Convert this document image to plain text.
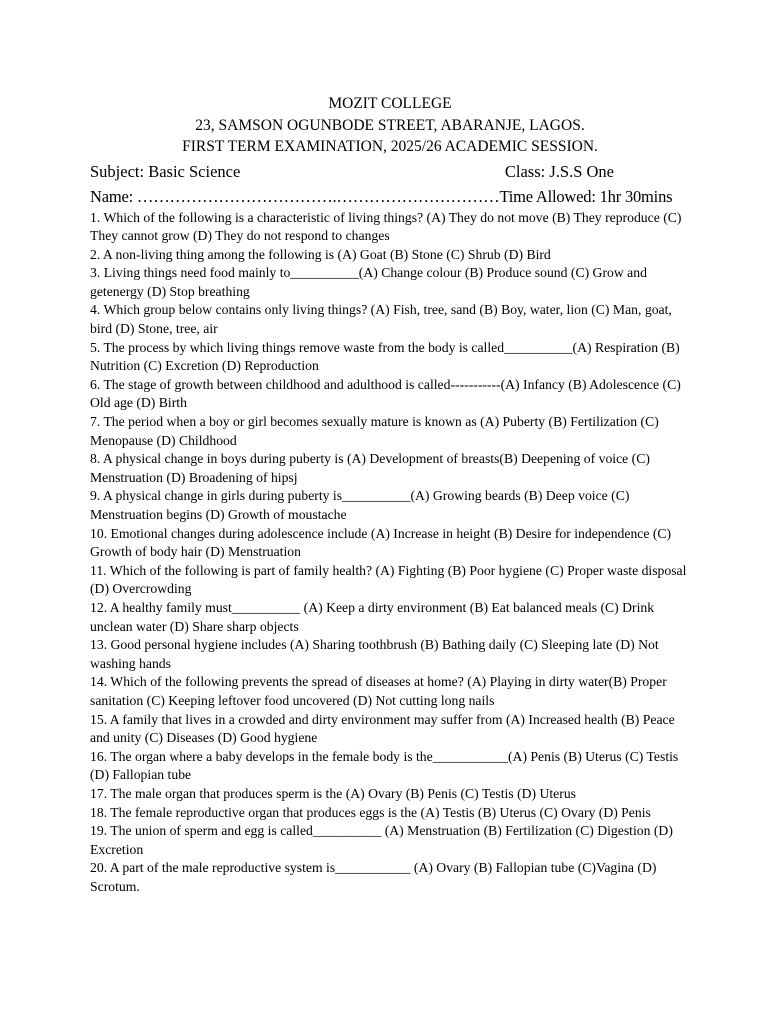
MOZIT COLLEGE
23, SAMSON OGUNBODE STREET, ABARANJE, LAGOS.
FIRST TERM EXAMINATION, 2025/26 ACADEMIC SESSION.
Subject: Basic Science	Class: J.S.S One
Name: ……………………………….…………………………Time Allowed: 1hr 30mins

1. Which of the following is a characteristic of living things? (A) They do not move (B) They reproduce (C) They cannot grow (D) They do not respond to changes

2. A non-living thing among the following is (A) Goat (B) Stone (C) Shrub (D) Bird

3. Living things need food mainly to__________(A) Change colour (B) Produce sound (C) Grow and getenergy (D) Stop breathing

4. Which group below contains only living things? (A) Fish, tree, sand (B) Boy, water, lion (C) Man, goat, bird (D) Stone, tree, air

5. The process by which living things remove waste from the body is called__________(A) Respiration (B) Nutrition (C) Excretion (D) Reproduction

6. The stage of growth between childhood and adulthood is called-----------(A) Infancy (B) Adolescence (C) Old age (D) Birth

7. The period when a boy or girl becomes sexually mature is known as (A) Puberty (B) Fertilization (C) Menopause (D) Childhood

8. A physical change in boys during puberty is (A) Development of breasts(B) Deepening of voice (C) Menstruation (D) Broadening of hipsj

9. A physical change in girls during puberty is__________(A) Growing beards (B) Deep voice (C) Menstruation begins (D) Growth of moustache

10. Emotional changes during adolescence include (A) Increase in height (B) Desire for independence (C) Growth of body hair (D) Menstruation

11. Which of the following is part of family health? (A) Fighting (B) Poor hygiene (C) Proper waste disposal (D) Overcrowding

12. A healthy family must__________ (A) Keep a dirty environment (B) Eat balanced meals (C) Drink unclean water (D) Share sharp objects

13. Good personal hygiene includes (A) Sharing toothbrush (B) Bathing daily (C) Sleeping late (D) Not washing hands

14. Which of the following prevents the spread of diseases at home? (A) Playing in dirty water(B) Proper sanitation (C) Keeping leftover food uncovered (D) Not cutting long nails

15. A family that lives in a crowded and dirty environment may suffer from (A) Increased health (B) Peace and unity (C) Diseases (D) Good hygiene

16. The organ where a baby develops in the female body is the___________(A) Penis (B) Uterus (C) Testis (D) Fallopian tube

17. The male organ that produces sperm is the (A) Ovary (B) Penis (C) Testis (D) Uterus

18. The female reproductive organ that produces eggs is the (A) Testis (B) Uterus (C) Ovary (D) Penis

19. The union of sperm and egg is called__________ (A) Menstruation (B) Fertilization (C) Digestion (D) Excretion

20. A part of the male reproductive system is___________ (A) Ovary (B) Fallopian tube (C)Vagina (D) Scrotum.
